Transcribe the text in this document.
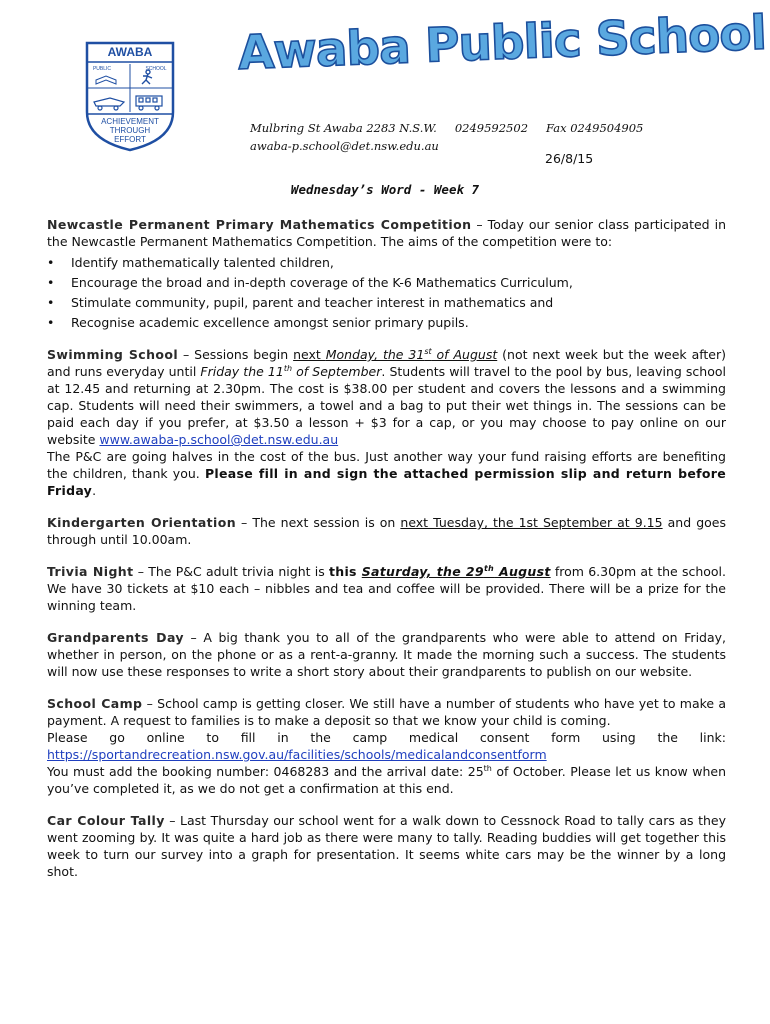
AWABA
PUBLIC	SCHOOL
ACHIEVEMENT
THROUGH
EFFORT
Awaba Public School
Mulbring St Awaba 2283 N.S.W. 0249592502 Fax 0249504905
awaba-p.school@det.nsw.edu.au
26/8/15
Wednesday’s Word - Week 7

Newcastle Permanent Primary Mathematics Competition – Today our senior class participated in the Newcastle Permanent Mathematics Competition. The aims of the competition were to:

• Identify mathematically talented children,
• Encourage the broad and in-depth coverage of the K-6 Mathematics Curriculum,
• Stimulate community, pupil, parent and teacher interest in mathematics and
• Recognise academic excellence amongst senior primary pupils.

Swimming School – Sessions begin next Monday, the 31st of August (not next week but the week after) and runs everyday until Friday the 11th of September. Students will travel to the pool by bus, leaving school at 12.45 and returning at 2.30pm. The cost is $38.00 per student and covers the lessons and a swimming cap. Students will need their swimmers, a towel and a bag to put their wet things in. The sessions can be paid each day if you prefer, at $3.50 a lesson + $3 for a cap, or you may choose to pay online on our website www.awaba-p.school@det.nsw.edu.au

The P&C are going halves in the cost of the bus. Just another way your fund raising efforts are benefiting the children, thank you. Please fill in and sign the attached permission slip and return before Friday.

Kindergarten Orientation – The next session is on next Tuesday, the 1st September at 9.15 and goes through until 10.00am.

Trivia Night – The P&C adult trivia night is this Saturday, the 29th August from 6.30pm at the school. We have 30 tickets at $10 each – nibbles and tea and coffee will be provided. There will be a prize for the winning team.

Grandparents Day – A big thank you to all of the grandparents who were able to attend on Friday, whether in person, on the phone or as a rent-a-granny. It made the morning such a success. The students will now use these responses to write a short story about their grandparents to publish on our website.

School Camp – School camp is getting closer. We still have a number of students who have yet to make a payment. A request to families is to make a deposit so that we know your child is coming.

Please go online to fill in the camp medical consent form using the link:

https://sportandrecreation.nsw.gov.au/facilities/schools/medicalandconsentform

You must add the booking number: 0468283 and the arrival date: 25th of October. Please let us know when you’ve completed it, as we do not get a confirmation at this end.

Car Colour Tally – Last Thursday our school went for a walk down to Cessnock Road to tally cars as they went zooming by. It was quite a hard job as there were many to tally. Reading buddies will get together this week to turn our survey into a graph for presentation. It seems white cars may be the winner by a long shot.
